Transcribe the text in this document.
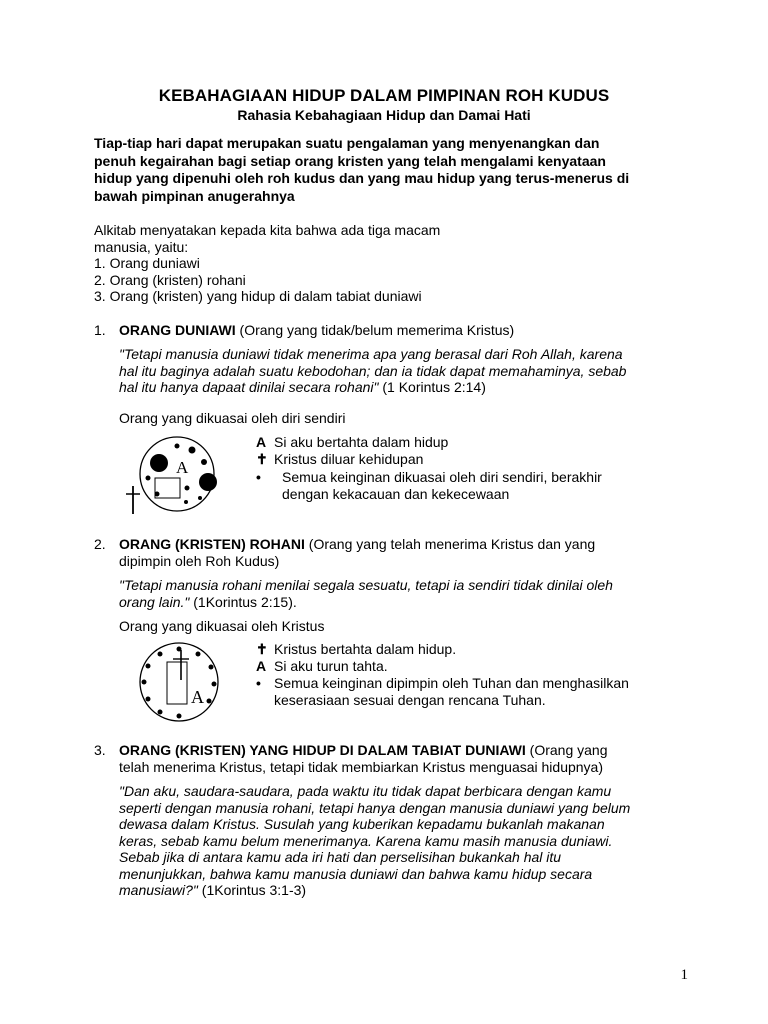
KEBAHAGIAAN HIDUP DALAM PIMPINAN ROH KUDUS
Rahasia Kebahagiaan Hidup dan Damai Hati
Tiap-tiap hari dapat merupakan suatu pengalaman yang menyenangkan dan
penuh kegairahan bagi setiap orang kristen yang telah mengalami kenyataan
hidup yang dipenuhi oleh roh kudus dan yang mau hidup yang terus-menerus di
bawah pimpinan anugerahnya
Alkitab menyatakan kepada kita bahwa ada tiga macam
manusia, yaitu:
1. Orang duniawi
2. Orang (kristen) rohani
3. Orang (kristen) yang hidup di dalam tabiat duniawi
1. ORANG DUNIAWI (Orang yang tidak/belum memerima Kristus)
"Tetapi manusia duniawi tidak menerima apa yang berasal dari Roh Allah, karena
hal itu baginya adalah suatu kebodohan; dan ia tidak dapat memahaminya, sebab
hal itu hanya dapaat dinilai secara rohani" (1 Korintus 2:14)
Orang yang dikuasai oleh diri sendiri
A
A Si aku bertahta dalam hidup
✝ Kristus diluar kehidupan
• Semua keinginan dikuasai oleh diri sendiri, berakhir
dengan kekacauan dan kekecewaan
2. ORANG (KRISTEN) ROHANI (Orang yang telah menerima Kristus dan yang
dipimpin oleh Roh Kudus)
"Tetapi manusia rohani menilai segala sesuatu, tetapi ia sendiri tidak dinilai oleh
orang lain." (1Korintus 2:15).
Orang yang dikuasai oleh Kristus
A
✝ Kristus bertahta dalam hidup.
A Si aku turun tahta.
• Semua keinginan dipimpin oleh Tuhan dan menghasilkan
keserasiaan sesuai dengan rencana Tuhan.
3. ORANG (KRISTEN) YANG HIDUP DI DALAM TABIAT DUNIAWI (Orang yang
telah menerima Kristus, tetapi tidak membiarkan Kristus menguasai hidupnya)
"Dan aku, saudara-saudara, pada waktu itu tidak dapat berbicara dengan kamu
seperti dengan manusia rohani, tetapi hanya dengan manusia duniawi yang belum
dewasa dalam Kristus. Susulah yang kuberikan kepadamu bukanlah makanan
keras, sebab kamu belum menerimanya. Karena kamu masih manusia duniawi.
Sebab jika di antara kamu ada iri hati dan perselisihan bukankah hal itu
menunjukkan, bahwa kamu manusia duniawi dan bahwa kamu hidup secara
manusiawi?" (1Korintus 3:1-3)
1
